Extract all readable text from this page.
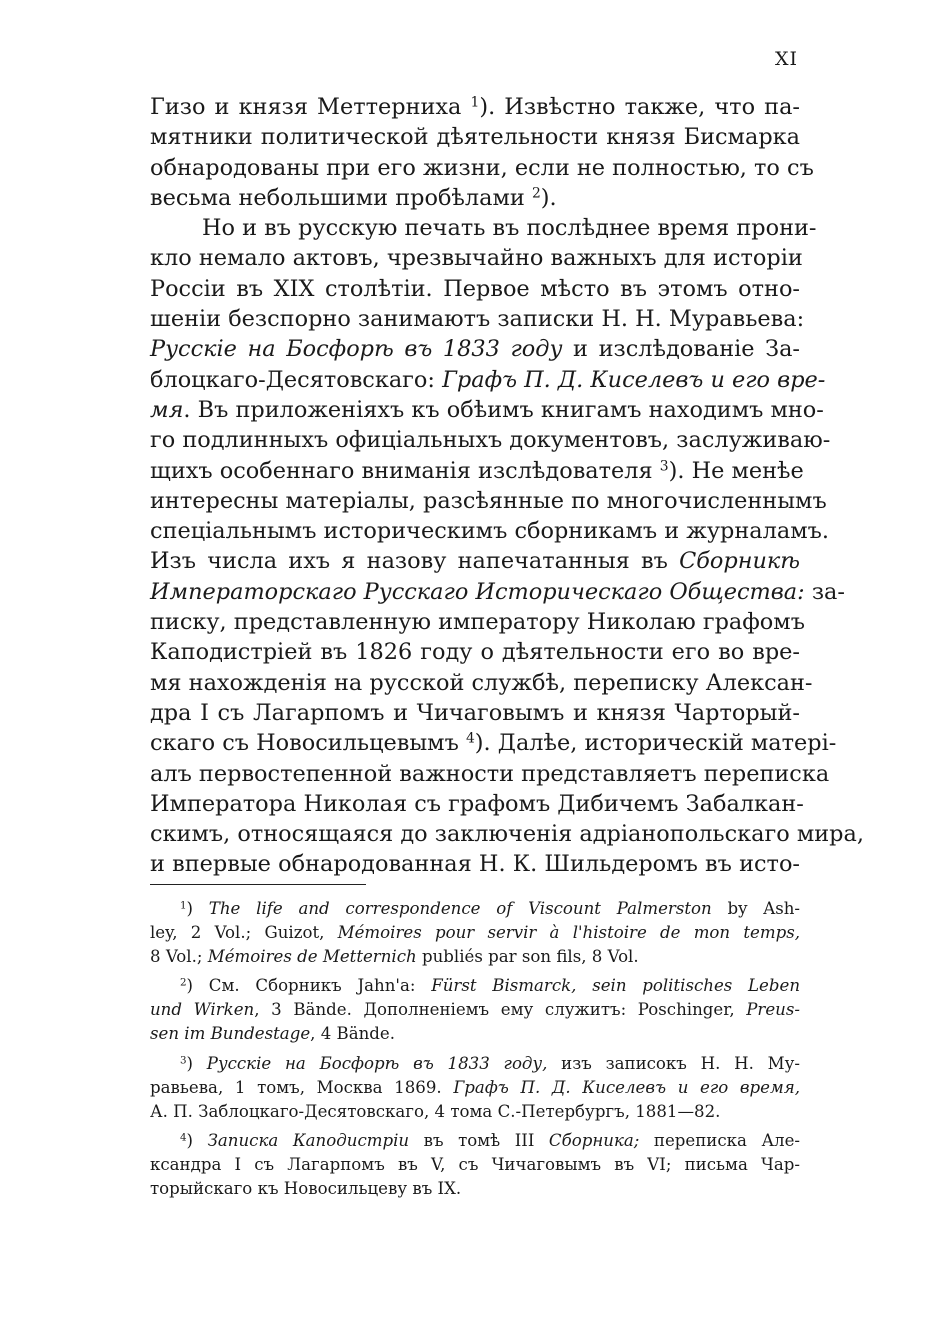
XI
Гизо и князя Меттерниха $^1$). Извѣстно также, что па-
мятники политической дѣятельности князя Бисмарка
обнародованы при его жизни, если не полностью, то съ
весьма небольшими пробѣлами $^2$).
Но и въ русскую печать въ послѣднее время прони-
кло немало актовъ, чрезвычайно важныхъ для исторіи
Россіи въ XIX столѣтіи. Первое мѣсто въ этомъ отно-
шеніи безспорно занимаютъ записки Н. Н. Муравьева:
Русскіе на Босфорѣ въ 1833 году и изслѣдованіе За-
блоцкаго-Десятовскаго: Графъ П. Д. Киселевъ и его вре-
мя. Въ приложеніяхъ къ обѣимъ книгамъ находимъ мно-
го подлинныхъ офиціальныхъ документовъ, заслуживаю-
щихъ особеннаго вниманія изслѣдователя $^3$). Не менѣе
интересны матеріалы, разсѣянные по многочисленнымъ
спеціальнымъ историческимъ сборникамъ и журналамъ.
Изъ числа ихъ я назову напечатанныя въ Сборникѣ
Императорскаго Русскаго Историческаго Общества: за-
писку, представленную императору Николаю графомъ
Каподистріей въ 1826 году о дѣятельности его во вре-
мя нахожденія на русской службѣ, переписку Алексан-
дра I съ Лагарпомъ и Чичаговымъ и князя Чарторый-
скаго съ Новосильцевымъ $^4$). Далѣе, историческій матері-
алъ первостепенной важности представляетъ переписка
Императора Николая съ графомъ Дибичемъ Забалкан-
скимъ, относящаяся до заключенія адріанопольскаго мира,
и впервые обнародованная Н. К. Шильдеромъ въ исто-
$^1$) The life and correspondence of Viscount Palmerston by Ash-
ley, 2 Vol.; Guizot, Mémoires pour servir à l'histoire de mon temps,
8 Vol.; Mémoires de Metternich publiés par son fils, 8 Vol.
$^2$) См. Сборникъ Jahn'a: Fürst Bismarck, sein politisches Leben
und Wirken, 3 Bände. Дополненіемъ ему служитъ: Poschinger, Preus-
sen im Bundestage, 4 Bände.
$^3$) Русскіе на Босфорѣ въ 1833 году, изъ записокъ Н. Н. Му-
равьева, 1 томъ, Москва 1869. Графъ П. Д. Киселевъ и его время,
А. П. Заблоцкаго-Десятовскаго, 4 тома С.-Петербургъ, 1881—82.
$^4$) Записка Каподистріи въ томѣ III Сборника; переписка Але-
ксандра I съ Лагарпомъ въ V, съ Чичаговымъ въ VI; письма Чар-
торыйскаго къ Новосильцеву въ IX.
